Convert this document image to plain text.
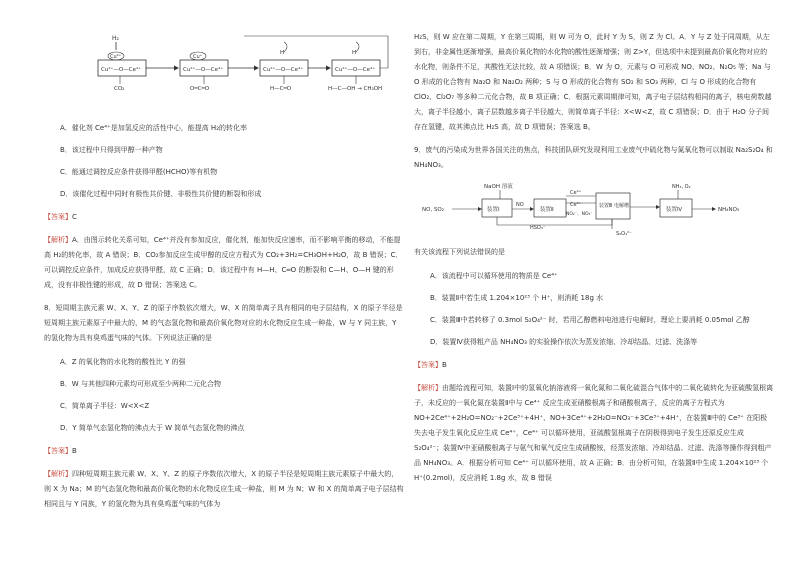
H₂
Cu²⁺
Cu²⁺—O—Ce⁴⁺
CO₂
Cu⁺
Cu²⁺—O—Ce⁴⁺
O═C═O
H
Cu²⁺—O—Ce⁴⁺
H—C═O
H
Cu²⁺—O—Ce⁴⁺
H—C—OH → CH₃OH

A．催化剂 Ce⁴⁺是加氢反应的活性中心，能提高 H₂的转化率

B．该过程中只得到甲醇一种产物

C．能通过调控反应条件获得甲醛(HCHO)等有机物

D．该催化过程中同时有极性共价键、非极性共价键的断裂和形成

【答案】C

【解析】A．由图示转化关系可知，Ce⁴⁺并没有参加反应，催化剂，能加快反应速率，而不影响平衡的移动，不能提高 H₂的转化率，故 A 错误；B．CO₂参加反应生成甲醇的反应方程式为 CO₂+3H₂=CH₃OH+H₂O，故 B 错误；C．可以调控反应条件，加成反应获得甲醛，故 C 正确；D．该过程中有 H—H、C═O 的断裂和 C—H、O—H 键的形成，没有非极性键的形成，故 D 错误；答案选 C。

8．短周期主族元素 W、X、Y、Z 的原子序数依次增大，W、X 的简单离子具有相同的电子层结构，X 的原子半径是短周期主族元素原子中最大的，M 的气态氢化物和最高价氧化物对应的水化物反应生成一种盐，W 与 Y 同主族，Y 的氢化物为具有臭鸡蛋气味的气体。下列说法正确的是

A．Z 的氧化物的水化物的酸性比 Y 的强

B．W 与其他四种元素均可形成至少两种二元化合物

C．简单离子半径：W<X<Z

D．Y 简单气态氢化物的沸点大于 W 简单气态氢化物的沸点

【答案】B

【解析】四种短周期主族元素 W、X、Y、Z 的原子序数依次增大，X 的原子半径是短周期主族元素原子中最大的，则 X 为 Na；M 的气态氢化物和最高价氧化物的水化物反应生成一种盐，则 M 为 N；W 和 X 的简单离子电子层结构相同且与 Y 同族，Y 的氢化物为具有臭鸡蛋气味的气体为

H₂S，则 W 应在第二周期，Y 在第三周期，则 W 可为 O，此时 Y 为 S，则 Z 为 Cl。A．Y 与 Z 处于同周期，从左到右，非金属性逐渐增强，最高价氧化物的水化物的酸性逐渐增强；则 Z>Y，但选项中未提到最高价氧化物对应的水化物，则条件不足，其酸性无法比较，故 A 项错误；B．W 为 O，元素与 O 可形成 NO、NO₂、N₂O₅ 等；Na 与 O 形成的化合物有 Na₂O 和 Na₂O₂ 两种；S 与 O 形成的化合物有 SO₂ 和 SO₃ 两种，Cl 与 O 形成的化合物有 ClO₂、Cl₂O₇ 等多种二元化合物，故 B 项正确；C．根据元素周期律可知，离子电子层结构相同的离子，核电荷数越大，离子半径越小，离子层数越多离子半径越大，则简单离子半径：X<W<Z，故 C 项错误；D．由于 H₂O 分子间存在氢键，故其沸点比 H₂S 高，故 D 项错误；答案选 B。

9．废气的污染成为世界各国关注的焦点，科技团队研究发现利用工业废气中硫化物与氮氧化物可以制取 Na₂S₂O₄ 和 NH₄NO₃。

NaOH 溶液
NO, SO₂	装置Ⅰ
NO
装置Ⅱ
Ce⁴⁺
Ce³⁺
NO₂⁻、NO₃⁻
装置Ⅲ 电解槽
HSO₃⁻
S₂O₄²⁻
NH₃, O₂
装置Ⅳ	NH₄NO₃

有关该流程下列说法错误的是

A．该流程中可以循环使用的物质是 Ce⁴⁺

B．装置Ⅱ中若生成 1.204×10²³ 个 H⁺，则消耗 18g 水

C．装置Ⅲ中若转移了 0.3mol S₂O₄²⁻ 时，若用乙醇燃料电池进行电解时，理论上要消耗 0.05mol 乙醇

D．装置Ⅳ获得粗产品 NH₄NO₃ 的实验操作依次为蒸发浓缩、冷却结晶、过滤、洗涤等

【答案】B

【解析】由题给流程可知，装置Ⅰ中的氢氧化钠溶液将一氧化氮和二氧化硫混合气体中的二氧化硫转化为亚硫酸氢根离子，未反应的一氧化氮在装置Ⅱ中与 Ce⁴⁺ 反应生成亚硝酸根离子和硝酸根离子，反应的离子方程式为 NO+2Ce⁴⁺+2H₂O=NO₂⁻+2Ce³⁺+4H⁺、NO+3Ce⁴⁺+2H₂O=NO₃⁻+3Ce³⁺+4H⁺，在装置Ⅲ中的 Ce³⁺ 在阳极失去电子发生氧化反应生成 Ce⁴⁺，Ce⁴⁺ 可以循环使用，亚硫酸氢根离子在阴极得到电子发生还原反应生成 S₂O₄²⁻；装置Ⅳ中亚硝酸根离子与氨气和氧气反应生成硝酸铵，经蒸发浓缩、冷却结晶、过滤、洗涤等操作得到粗产品 NH₄NO₃。A．根据分析可知 Ce⁴⁺ 可以循环使用，故 A 正确；B．由分析可知，在装置Ⅱ中生成 1.204×10²³ 个 H⁺(0.2mol)，反应消耗 1.8g 水，故 B 错误
